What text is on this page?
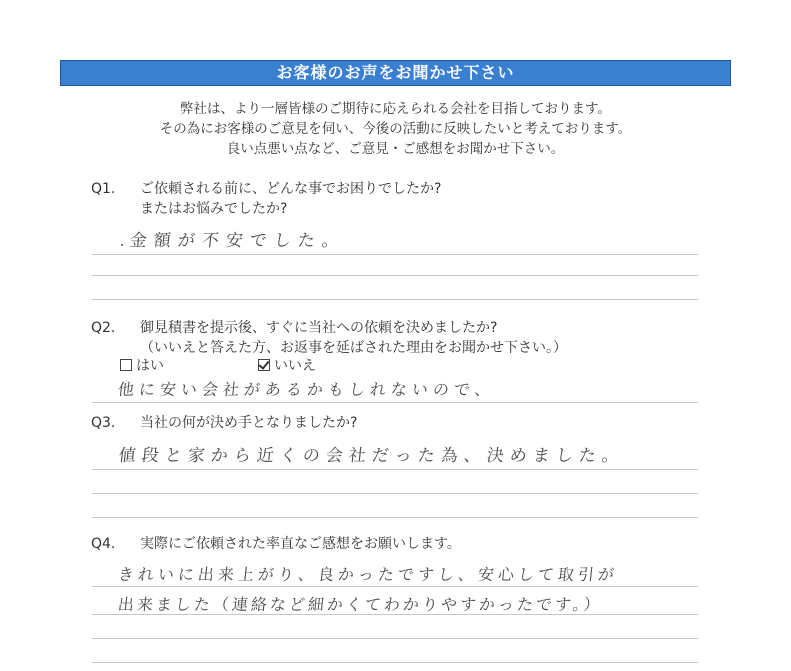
お客様のお声をお聞かせ下さい
弊社は、より一層皆様のご期待に応えられる会社を目指しております。
その為にお客様のご意見を伺い、今後の活動に反映したいと考えております。
良い点悪い点など、ご意見・ご感想をお聞かせ下さい。
Q1. ご依頼される前に、どんな事でお困りでしたか?
またはお悩みでしたか?
金額が不安でした。
Q2. 御見積書を提示後、すぐに当社への依頼を決めましたか?
（いいえと答えた方、お返事を延ばされた理由をお聞かせ下さい。）
はい	いいえ
他に安い会社があるかもしれないので、
Q3. 当社の何が決め手となりましたか?
値段と家から近くの会社だった為、決めました。
Q4. 実際にご依頼された率直なご感想をお願いします。
きれいに出来上がり、良かったですし、安心して取引が
出来ました（連絡など細かくてわかりやすかったです。）
